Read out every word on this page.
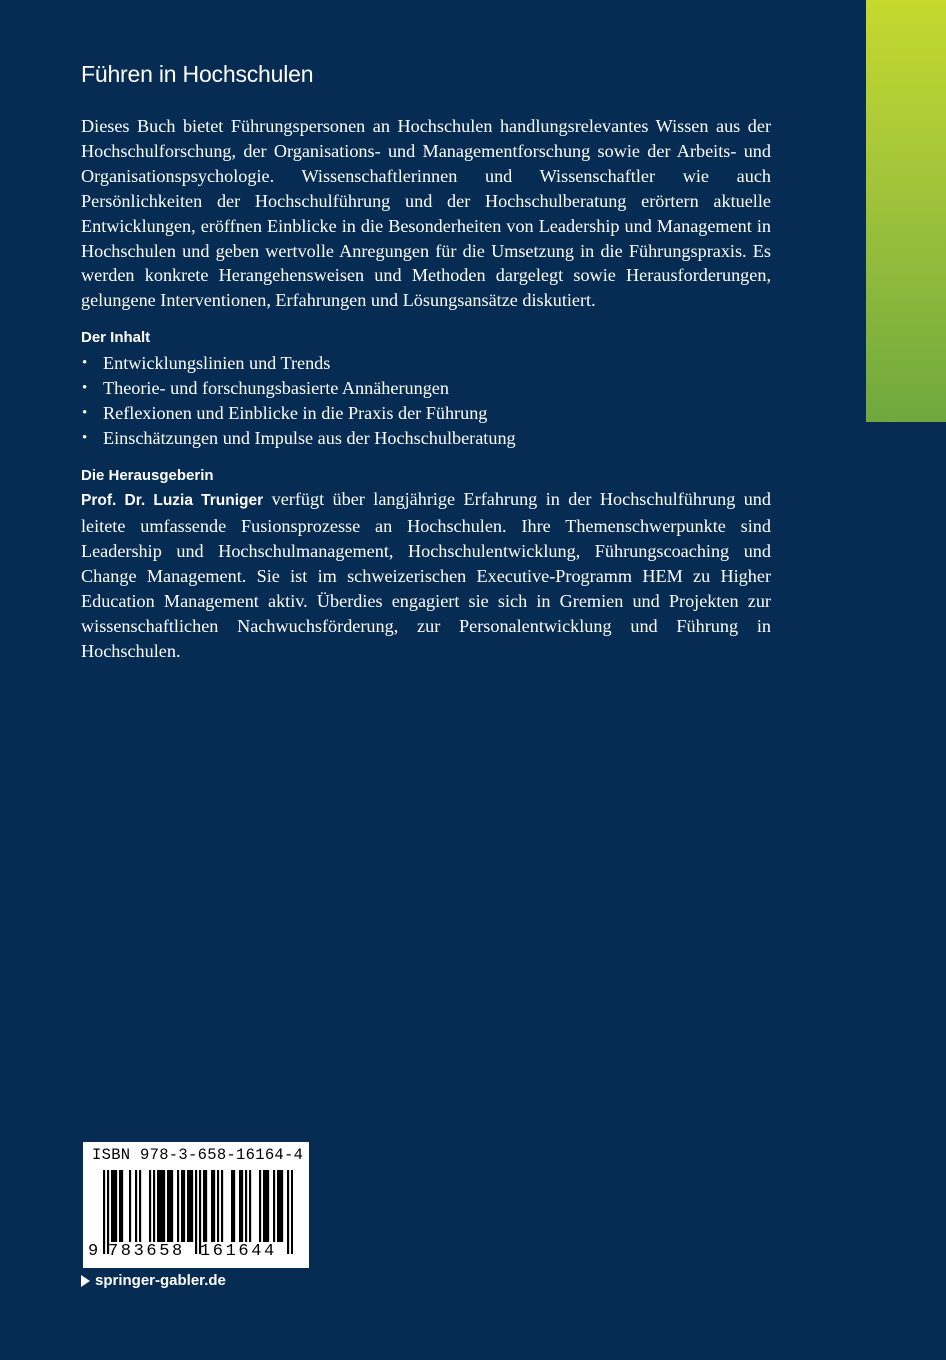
Führen in Hochschulen

Dieses Buch bietet Führungspersonen an Hochschulen handlungsrelevantes Wissen aus der Hochschulforschung, der Organisations- und Managementforschung sowie der Arbeits- und Organisationspsychologie. Wissenschaftlerinnen und Wissenschaftler wie auch Persönlichkeiten der Hochschulführung und der Hochschulberatung erörtern aktuelle Entwicklungen, eröffnen Einblicke in die Besonderheiten von Leadership und Management in Hochschulen und geben wertvolle Anregungen für die Umsetzung in die Führungspraxis. Es werden konkrete Herangehensweisen und Methoden dargelegt sowie Herausforderungen, gelungene Interventionen, Erfahrungen und Lösungsansätze diskutiert.

Der Inhalt
• Entwicklungslinien und Trends
• Theorie- und forschungsbasierte Annäherungen
• Reflexionen und Einblicke in die Praxis der Führung
• Einschätzungen und Impulse aus der Hochschulberatung
Die Herausgeberin

Prof. Dr. Luzia Truniger verfügt über langjährige Erfahrung in der Hochschulführung und leitete umfassende Fusionsprozesse an Hochschulen. Ihre Themenschwerpunkte sind Leadership und Hochschulmanagement, Hochschulentwicklung, Führungscoaching und Change Management. Sie ist im schweizerischen Executive-Programm HEM zu Higher Education Management aktiv. Überdies engagiert sie sich in Gremien und Projekten zur wissenschaftlichen Nachwuchsförderung, zur Personalentwicklung und Führung in Hochschulen.

ISBN 978-3-658-16164-4
9 783658 161644
springer-gabler.de
